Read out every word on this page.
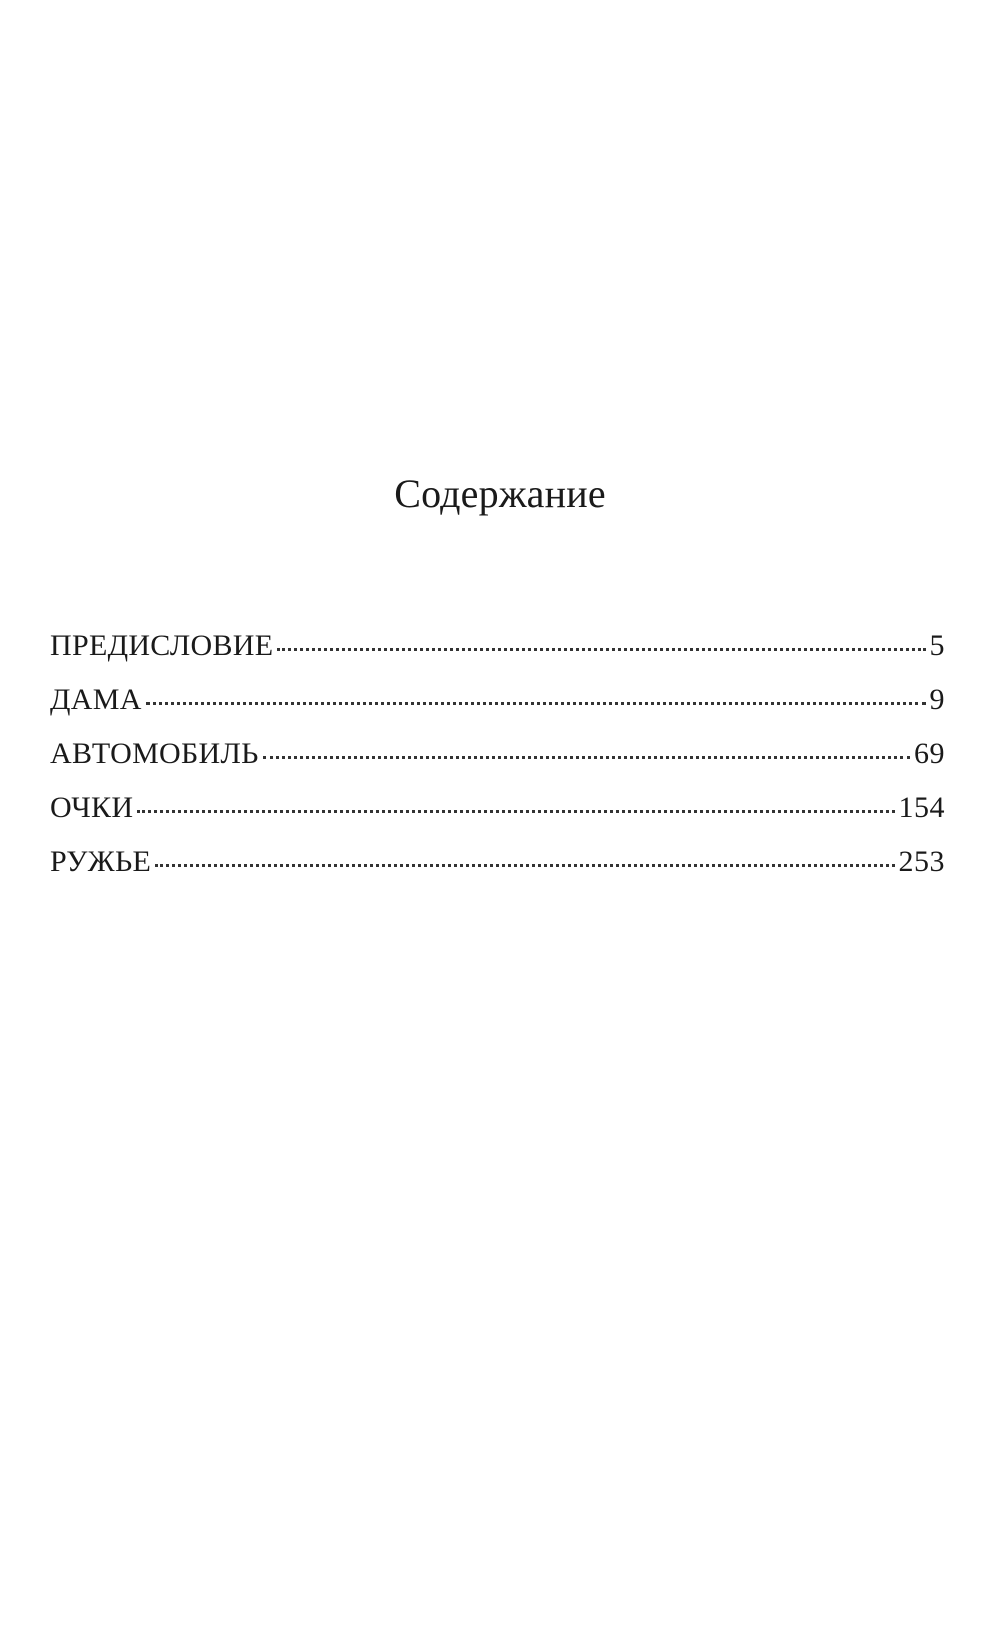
Содержание
ПРЕДИСЛОВИЕ	5
ДАМА	9
АВТОМОБИЛЬ	69
ОЧКИ	154
РУЖЬЕ	253
